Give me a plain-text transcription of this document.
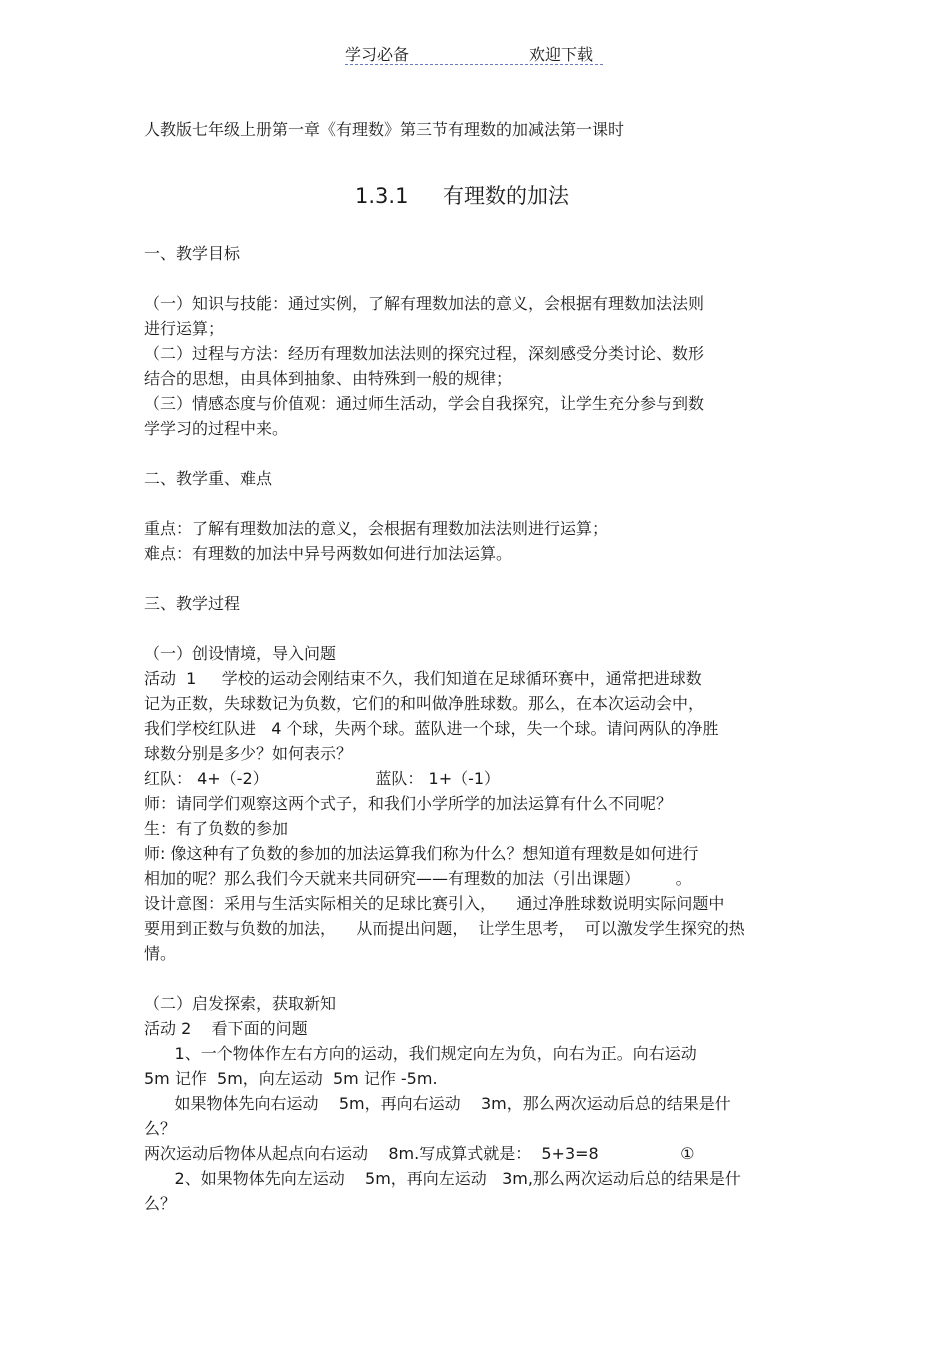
学习必备	欢迎下载
人教版七年级上册第一章《有理数》第三节有理数的加减法第一课时
1.3.1 有理数的加法
一、教学目标
（一）知识与技能：通过实例，了解有理数加法的意义，会根据有理数加法法则
进行运算；
（二）过程与方法：经历有理数加法法则的探究过程，深刻感受分类讨论、数形
结合的思想，由具体到抽象、由特殊到一般的规律；
（三）情感态度与价值观：通过师生活动，学会自我探究，让学生充分参与到数
学学习的过程中来。
二、教学重、难点
重点：了解有理数加法的意义，会根据有理数加法法则进行运算；
难点：有理数的加法中异号两数如何进行加法运算。
三、教学过程
（一）创设情境，导入问题
活动  1     学校的运动会刚结束不久，我们知道在足球循环赛中，通常把进球数
记为正数，失球数记为负数，它们的和叫做净胜球数。那么，在本次运动会中，
我们学校红队进   4 个球，失两个球。蓝队进一个球，失一个球。请问两队的净胜
球数分别是多少？如何表示？
红队： 4+（-2）                     蓝队： 1+（-1）
师：请同学们观察这两个式子，和我们小学所学的加法运算有什么不同呢？
生：有了负数的参加
师: 像这种有了负数的参加的加法运算我们称为什么？想知道有理数是如何进行
相加的呢？那么我们今天就来共同研究——有理数的加法（引出课题）       。
设计意图：采用与生活实际相关的足球比赛引入，    通过净胜球数说明实际问题中
要用到正数与负数的加法，    从而提出问题，  让学生思考，  可以激发学生探究的热
情。
（二）启发探索，获取新知
活动 2    看下面的问题
1、一个物体作左右方向的运动，我们规定向左为负，向右为正。向右运动
5m 记作  5m，向左运动  5m 记作 -5m.
如果物体先向右运动    5m，再向右运动    3m，那么两次运动后总的结果是什
么？
两次运动后物体从起点向右运动    8m.写成算式就是：  5+3=8                ①
2、如果物体先向左运动    5m，再向左运动   3m,那么两次运动后总的结果是什
么？
